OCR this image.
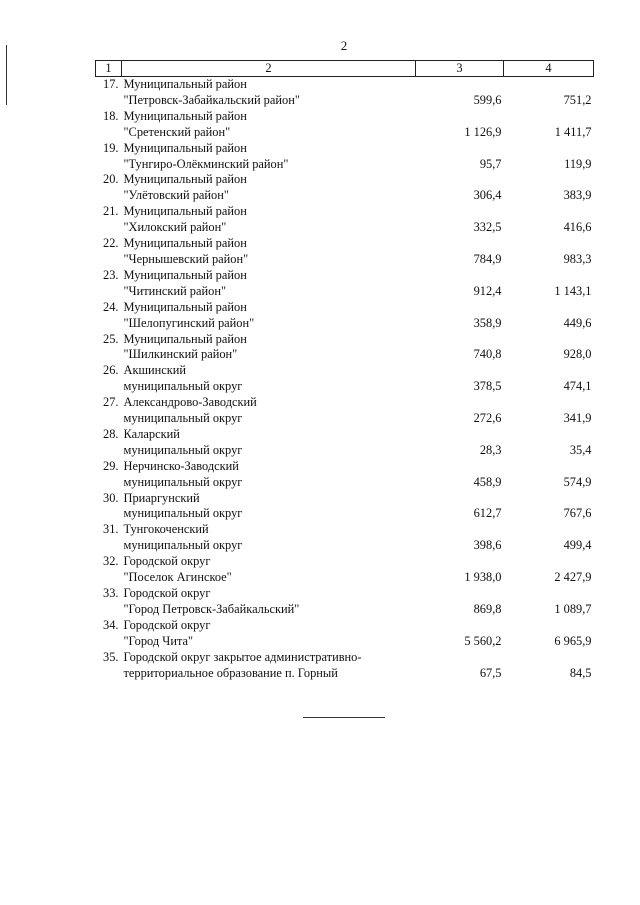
2
1	2	3	4
17.	Муниципальный район
"Петровск-Забайкальский район"	599,6	751,2
18.	Муниципальный район
"Сретенский район"	1 126,9	1 411,7
19.	Муниципальный район
"Тунгиро-Олёкминский район"	95,7	119,9
20.	Муниципальный район
"Улётовский район"	306,4	383,9
21.	Муниципальный район
"Хилокский район"	332,5	416,6
22.	Муниципальный район
"Чернышевский район"	784,9	983,3
23.	Муниципальный район
"Читинский район"	912,4	1 143,1
24.	Муниципальный район
"Шелопугинский район"	358,9	449,6
25.	Муниципальный район
"Шилкинский район"	740,8	928,0
26.	Акшинский
муниципальный округ	378,5	474,1
27.	Александрово-Заводский
муниципальный округ	272,6	341,9
28.	Каларский
муниципальный округ	28,3	35,4
29.	Нерчинско-Заводский
муниципальный округ	458,9	574,9
30.	Приаргунский
муниципальный округ	612,7	767,6
31.	Тунгокоченский
муниципальный округ	398,6	499,4
32.	Городской округ
"Поселок Агинское"	1 938,0	2 427,9
33.	Городской округ
"Город Петровск-Забайкальский"	869,8	1 089,7
34.	Городской округ
"Город Чита"	5 560,2	6 965,9
35.	Городской округ закрытое административно-
территориальное образование п. Горный	67,5	84,5
